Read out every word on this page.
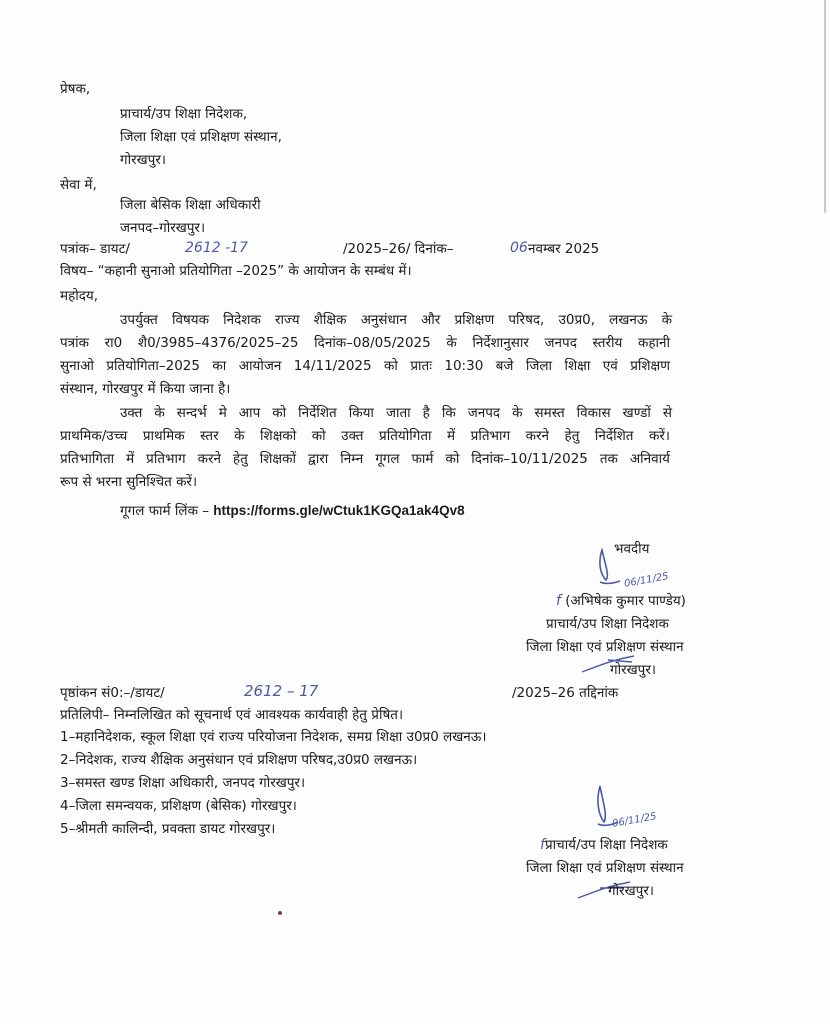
प्रेषक,
प्राचार्य/उप शिक्षा निदेशक,
जिला शिक्षा एवं प्रशिक्षण संस्थान,
गोरखपुर।
सेवा में,
जिला बेसिक शिक्षा अधिकारी
जनपद–गोरखपुर।
पत्रांक– डायट/	2612 -17	/2025–26/ दिनांक–	06 नवम्बर 2025
विषय– “कहानी सुनाओ प्रतियोगिता –2025” के आयोजन के सम्बंध में।
महोदय,
उपर्युक्त विषयक निदेशक राज्य शैक्षिक अनुसंधान और प्रशिक्षण परिषद, उ0प्र0, लखनऊ के
पत्रांक रा0 शै0/3985–4376/2025–25 दिनांक–08/05/2025 के निर्देशानुसार जनपद स्तरीय कहानी
सुनाओ प्रतियोगिता–2025 का आयोजन 14/11/2025 को प्रातः 10:30 बजे जिला शिक्षा एवं प्रशिक्षण
संस्थान, गोरखपुर में किया जाना है।
उक्त के सन्दर्भ मे आप को निर्देशित किया जाता है कि जनपद के समस्त विकास खण्डों से
प्राथमिक/उच्च प्राथमिक स्तर के शिक्षको को उक्त प्रतियोगिता में प्रतिभाग करने हेतु निर्देशित करें।
प्रतिभागिता में प्रतिभाग करने हेतु शिक्षकों द्वारा निम्न गूगल फार्म को दिनांक–10/11/2025 तक अनिवार्य
रूप से भरना सुनिश्चित करें।
गूगल फार्म लिंक – https://forms.gle/wCtuk1KGQa1ak4Qv8
भवदीय
06/11/25
f (अभिषेक कुमार पाण्डेय)
प्राचार्य/उप शिक्षा निदेशक
जिला शिक्षा एवं प्रशिक्षण संस्थान
गोरखपुर।
पृष्ठांकन सं0:–/डायट/	2612 – 17	/2025–26 तद्दिनांक
प्रतिलिपी– निम्नलिखित को सूचनार्थ एवं आवश्यक कार्यवाही हेतु प्रेषित।
1–महानिदेशक, स्कूल शिक्षा एवं राज्य परियोजना निदेशक, समग्र शिक्षा उ0प्र0 लखनऊ।
2–निदेशक, राज्य शैक्षिक अनुसंधान एवं प्रशिक्षण परिषद,उ0प्र0 लखनऊ।
3–समस्त खण्ड शिक्षा अधिकारी, जनपद गोरखपुर।
4–जिला समन्वयक, प्रशिक्षण (बेसिक) गोरखपुर।
5–श्रीमती कालिन्दी, प्रवक्ता डायट गोरखपुर।	06/11/25
fप्राचार्य/उप शिक्षा निदेशक
जिला शिक्षा एवं प्रशिक्षण संस्थान
गोरखपुर।
